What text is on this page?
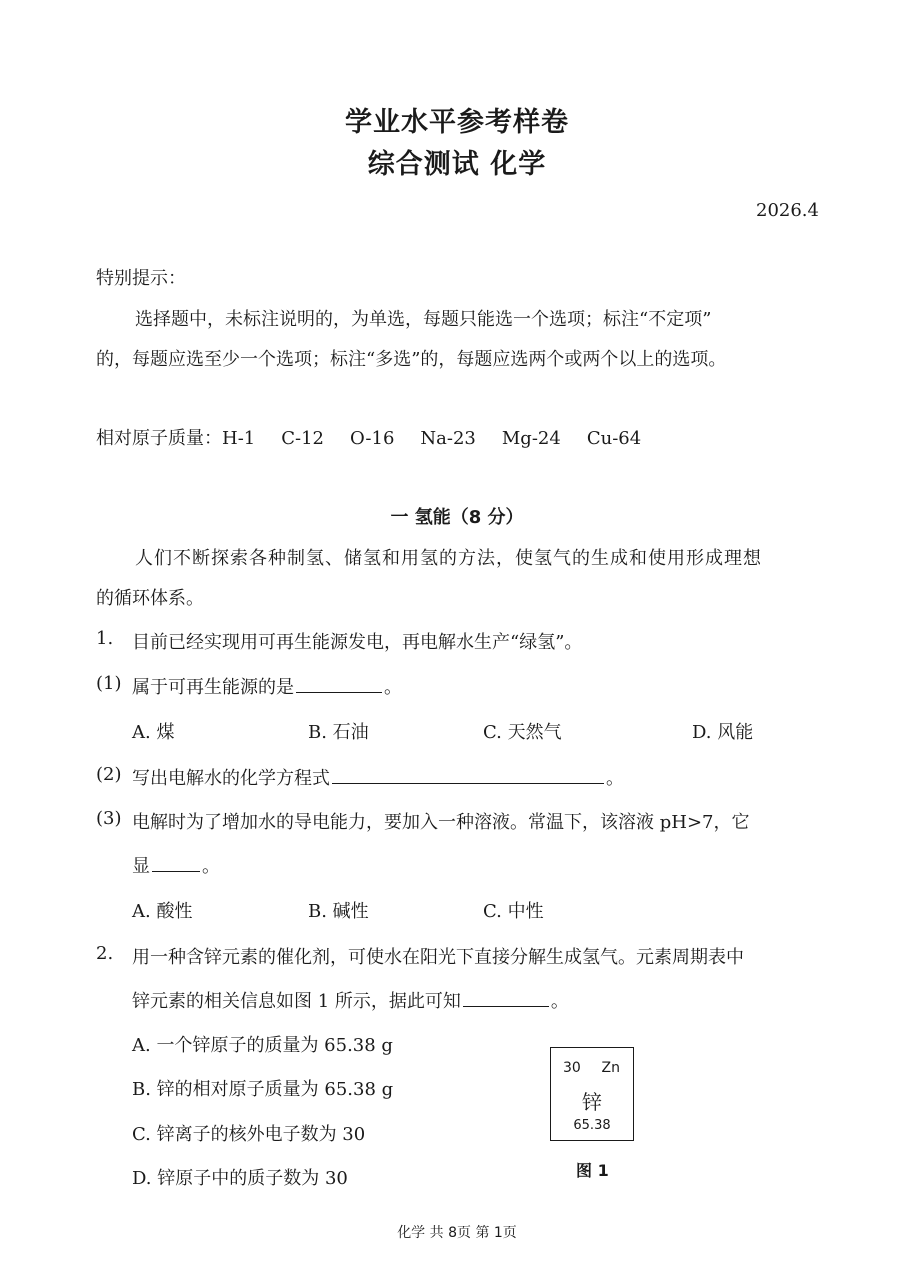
学业水平参考样卷
综合测试 化学
2026.4
特别提示：
选择题中，未标注说明的，为单选，每题只能选一个选项；标注“不定项”
的，每题应选至少一个选项；标注“多选”的，每题应选两个或两个以上的选项。
相对原子质量：H-1 C-12 O-16 Na-23 Mg-24 Cu-64
一 氢能（8 分）
人们不断探索各种制氢、储氢和用氢的方法，使氢气的生成和使用形成理想
的循环体系。
1. 目前已经实现用可再生能源发电，再电解水生产“绿氢”。
(1) 属于可再生能源的是	。
A. 煤	B. 石油	C. 天然气	D. 风能
(2) 写出电解水的化学方程式	。
(3) 电解时为了增加水的导电能力，要加入一种溶液。常温下，该溶液 pH>7，它
显	。
A. 酸性	B. 碱性	C. 中性
2. 用一种含锌元素的催化剂，可使水在阳光下直接分解生成氢气。元素周期表中
锌元素的相关信息如图 1 所示，据此可知	。
A. 一个锌原子的质量为 65.38 g
B. 锌的相对原子质量为 65.38 g
C. 锌离子的核外电子数为 30
D. 锌原子中的质子数为 30
30 Zn
锌
65.38
图 1
化学 共 8页 第 1页
